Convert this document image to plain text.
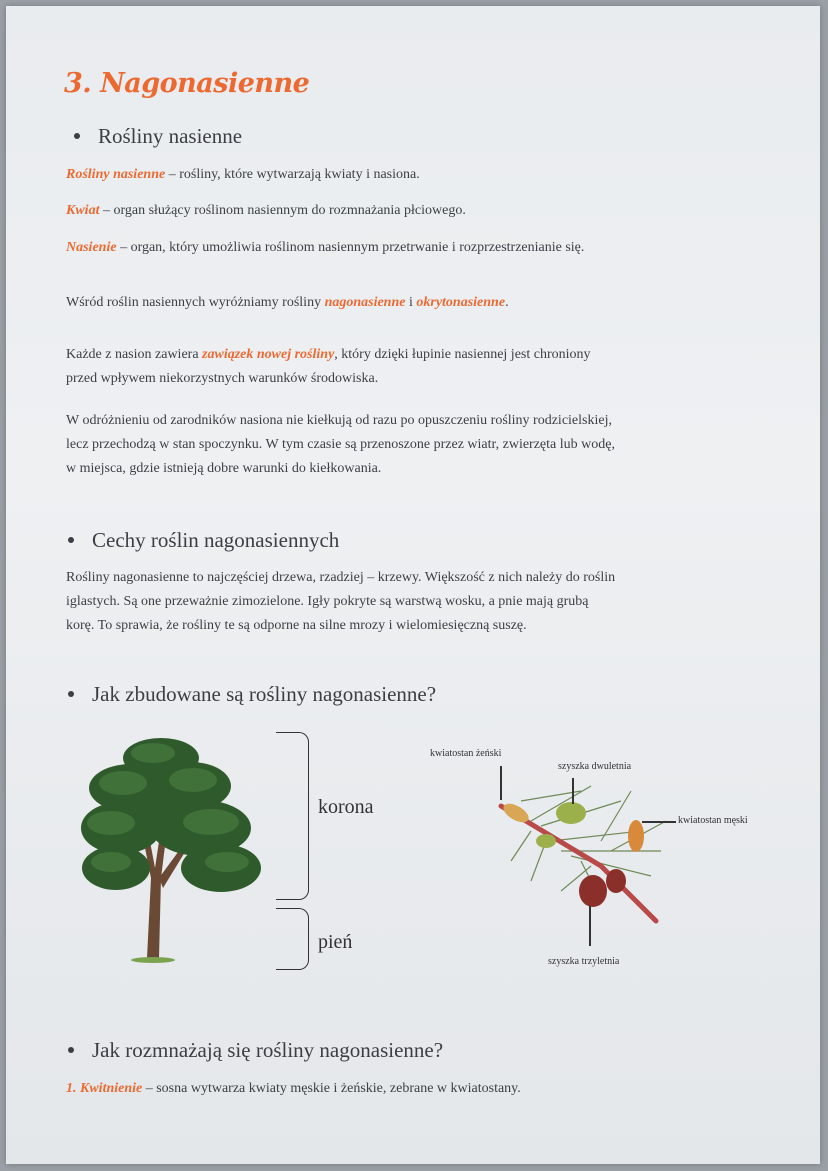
3. Nagonasienne
Rośliny nasienne
Rośliny nasienne – rośliny, które wytwarzają kwiaty i nasiona.
Kwiat – organ służący roślinom nasiennym do rozmnażania płciowego.
Nasienie – organ, który umożliwia roślinom nasiennym przetrwanie i rozprzestrzenianie się.
Wśród roślin nasiennych wyróżniamy rośliny nagonasienne i okrytonasienne.
Każde z nasion zawiera zawiązek nowej rośliny, który dzięki łupinie nasiennej jest chroniony
przed wpływem niekorzystnych warunków środowiska.
W odróżnieniu od zarodników nasiona nie kiełkują od razu po opuszczeniu rośliny rodzicielskiej,
lecz przechodzą w stan spoczynku. W tym czasie są przenoszone przez wiatr, zwierzęta lub wodę,
w miejsca, gdzie istnieją dobre warunki do kiełkowania.
Cechy roślin nagonasiennych
Rośliny nagonasienne to najczęściej drzewa, rzadziej – krzewy. Większość z nich należy do roślin
iglastych. Są one przeważnie zimozielone. Igły pokryte są warstwą wosku, a pnie mają grubą
korę. To sprawia, że rośliny te są odporne na silne mrozy i wielomiesięczną suszę.
Jak zbudowane są rośliny nagonasienne?
korona
pień
kwiatostan żeński
szyszka dwuletnia
kwiatostan męski
szyszka trzyletnia
Jak rozmnażają się rośliny nagonasienne?
1. Kwitnienie – sosna wytwarza kwiaty męskie i żeńskie, zebrane w kwiatostany.
